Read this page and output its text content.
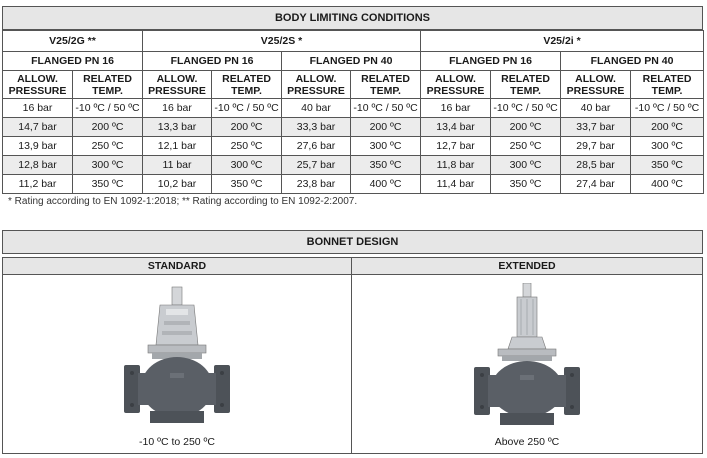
BODY LIMITING CONDITIONS
V25/2G **		V25/2S *				V25/2i *			
FLANGED PN 16		FLANGED PN 16		FLANGED PN 40		FLANGED PN 16		FLANGED PN 40	
ALLOW. PRESSURE	RELATED TEMP.	ALLOW. PRESSURE	RELATED TEMP.	ALLOW. PRESSURE	RELATED TEMP.	ALLOW. PRESSURE	RELATED TEMP.	ALLOW. PRESSURE	RELATED TEMP.
16 bar	-10 ºC / 50 ºC	16 bar	-10 ºC / 50 ºC	40 bar	-10 ºC / 50 ºC	16 bar	-10 ºC / 50 ºC	40 bar	-10 ºC / 50 ºC
14,7 bar	200 ºC	13,3 bar	200 ºC	33,3 bar	200 ºC	13,4 bar	200 ºC	33,7 bar	200 ºC
13,9 bar	250 ºC	12,1 bar	250 ºC	27,6 bar	300 ºC	12,7 bar	250 ºC	29,7 bar	300 ºC
12,8 bar	300 ºC	11 bar	300 ºC	25,7 bar	350 ºC	11,8 bar	300 ºC	28,5 bar	350 ºC
11,2 bar	350 ºC	10,2 bar	350 ºC	23,8 bar	400 ºC	11,4 bar	350 ºC	27,4 bar	400 ºC
* Rating according to EN 1092-1:2018; ** Rating according to EN 1092-2:2007.
BONNET DESIGN
STANDARD	EXTENDED
-10 ºC to 250 ºC	Above 250 ºC
